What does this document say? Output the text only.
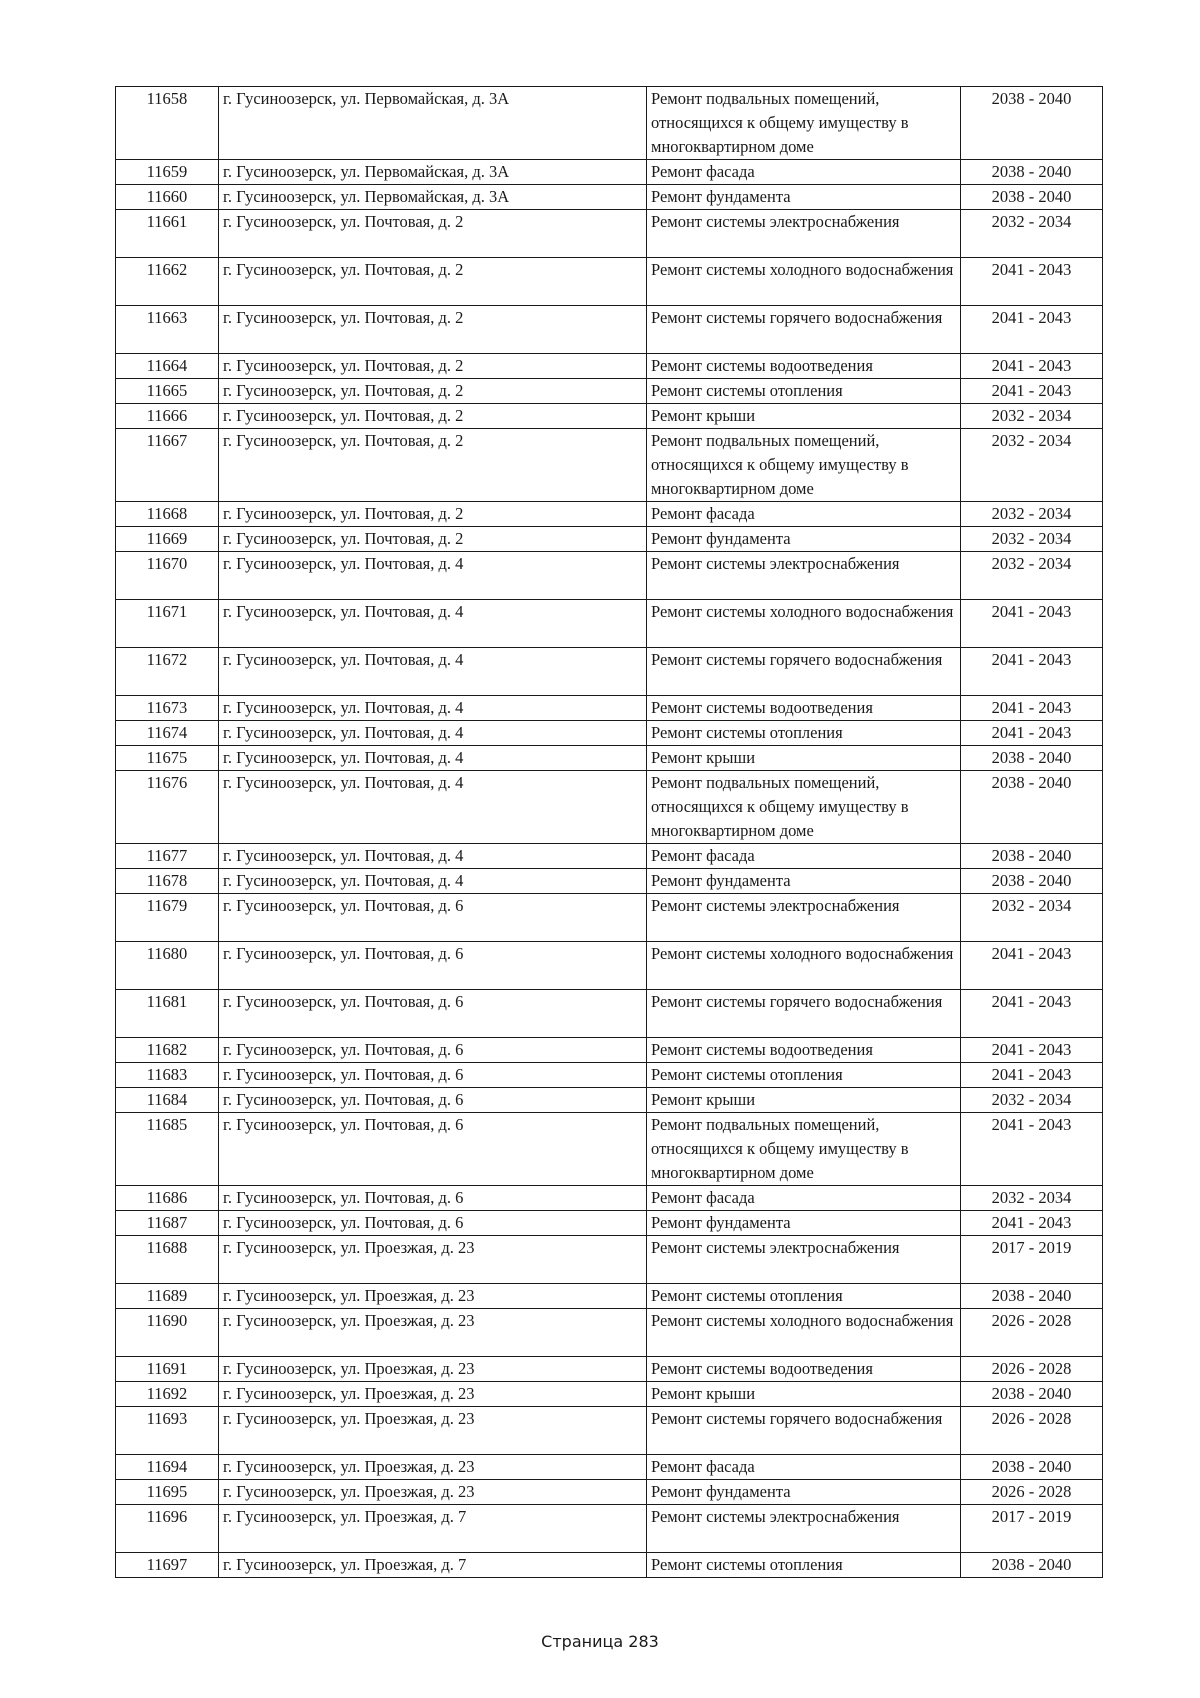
11658	г. Гусиноозерск, ул. Первомайская, д. 3А	Ремонт подвальных помещений, относящихся к общему имуществу в многоквартирном доме	2038 - 2040
11659	г. Гусиноозерск, ул. Первомайская, д. 3А	Ремонт фасада	2038 - 2040
11660	г. Гусиноозерск, ул. Первомайская, д. 3А	Ремонт фундамента	2038 - 2040
11661	г. Гусиноозерск, ул. Почтовая, д. 2	Ремонт системы электроснабжения	2032 - 2034
11662	г. Гусиноозерск, ул. Почтовая, д. 2	Ремонт системы холодного водоснабжения	2041 - 2043
11663	г. Гусиноозерск, ул. Почтовая, д. 2	Ремонт системы горячего водоснабжения	2041 - 2043
11664	г. Гусиноозерск, ул. Почтовая, д. 2	Ремонт системы водоотведения	2041 - 2043
11665	г. Гусиноозерск, ул. Почтовая, д. 2	Ремонт системы отопления	2041 - 2043
11666	г. Гусиноозерск, ул. Почтовая, д. 2	Ремонт крыши	2032 - 2034
11667	г. Гусиноозерск, ул. Почтовая, д. 2	Ремонт подвальных помещений, относящихся к общему имуществу в многоквартирном доме	2032 - 2034
11668	г. Гусиноозерск, ул. Почтовая, д. 2	Ремонт фасада	2032 - 2034
11669	г. Гусиноозерск, ул. Почтовая, д. 2	Ремонт фундамента	2032 - 2034
11670	г. Гусиноозерск, ул. Почтовая, д. 4	Ремонт системы электроснабжения	2032 - 2034
11671	г. Гусиноозерск, ул. Почтовая, д. 4	Ремонт системы холодного водоснабжения	2041 - 2043
11672	г. Гусиноозерск, ул. Почтовая, д. 4	Ремонт системы горячего водоснабжения	2041 - 2043
11673	г. Гусиноозерск, ул. Почтовая, д. 4	Ремонт системы водоотведения	2041 - 2043
11674	г. Гусиноозерск, ул. Почтовая, д. 4	Ремонт системы отопления	2041 - 2043
11675	г. Гусиноозерск, ул. Почтовая, д. 4	Ремонт крыши	2038 - 2040
11676	г. Гусиноозерск, ул. Почтовая, д. 4	Ремонт подвальных помещений, относящихся к общему имуществу в многоквартирном доме	2038 - 2040
11677	г. Гусиноозерск, ул. Почтовая, д. 4	Ремонт фасада	2038 - 2040
11678	г. Гусиноозерск, ул. Почтовая, д. 4	Ремонт фундамента	2038 - 2040
11679	г. Гусиноозерск, ул. Почтовая, д. 6	Ремонт системы электроснабжения	2032 - 2034
11680	г. Гусиноозерск, ул. Почтовая, д. 6	Ремонт системы холодного водоснабжения	2041 - 2043
11681	г. Гусиноозерск, ул. Почтовая, д. 6	Ремонт системы горячего водоснабжения	2041 - 2043
11682	г. Гусиноозерск, ул. Почтовая, д. 6	Ремонт системы водоотведения	2041 - 2043
11683	г. Гусиноозерск, ул. Почтовая, д. 6	Ремонт системы отопления	2041 - 2043
11684	г. Гусиноозерск, ул. Почтовая, д. 6	Ремонт крыши	2032 - 2034
11685	г. Гусиноозерск, ул. Почтовая, д. 6	Ремонт подвальных помещений, относящихся к общему имуществу в многоквартирном доме	2041 - 2043
11686	г. Гусиноозерск, ул. Почтовая, д. 6	Ремонт фасада	2032 - 2034
11687	г. Гусиноозерск, ул. Почтовая, д. 6	Ремонт фундамента	2041 - 2043
11688	г. Гусиноозерск, ул. Проезжая, д. 23	Ремонт системы электроснабжения	2017 - 2019
11689	г. Гусиноозерск, ул. Проезжая, д. 23	Ремонт системы отопления	2038 - 2040
11690	г. Гусиноозерск, ул. Проезжая, д. 23	Ремонт системы холодного водоснабжения	2026 - 2028
11691	г. Гусиноозерск, ул. Проезжая, д. 23	Ремонт системы водоотведения	2026 - 2028
11692	г. Гусиноозерск, ул. Проезжая, д. 23	Ремонт крыши	2038 - 2040
11693	г. Гусиноозерск, ул. Проезжая, д. 23	Ремонт системы горячего водоснабжения	2026 - 2028
11694	г. Гусиноозерск, ул. Проезжая, д. 23	Ремонт фасада	2038 - 2040
11695	г. Гусиноозерск, ул. Проезжая, д. 23	Ремонт фундамента	2026 - 2028
11696	г. Гусиноозерск, ул. Проезжая, д. 7	Ремонт системы электроснабжения	2017 - 2019
11697	г. Гусиноозерск, ул. Проезжая, д. 7	Ремонт системы отопления	2038 - 2040
Страница 283
